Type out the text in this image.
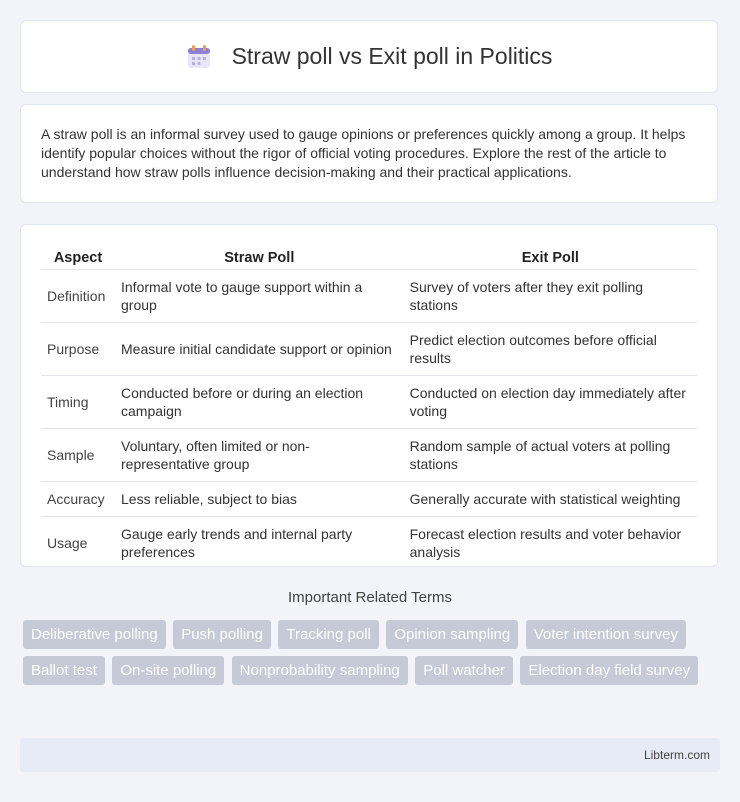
Straw poll vs Exit poll in Politics

A straw poll is an informal survey used to gauge opinions or preferences quickly among a group. It helps identify popular choices without the rigor of official voting procedures. Explore the rest of the article to understand how straw polls influence decision-making and their practical applications.

Aspect	Straw Poll	Exit Poll
Definition	Informal vote to gauge support within a group	Survey of voters after they exit polling stations
Purpose	Measure initial candidate support or opinion	Predict election outcomes before official results
Timing	Conducted before or during an election campaign	Conducted on election day immediately after voting
Sample	Voluntary, often limited or non-representative group	Random sample of actual voters at polling stations
Accuracy	Less reliable, subject to bias	Generally accurate with statistical weighting
Usage	Gauge early trends and internal party preferences	Forecast election results and voter behavior analysis
Important Related Terms
Deliberative polling Push polling Tracking poll Opinion sampling Voter intention survey Ballot test On-site polling Nonprobability sampling Poll watcher Election day field survey
Libterm.com
